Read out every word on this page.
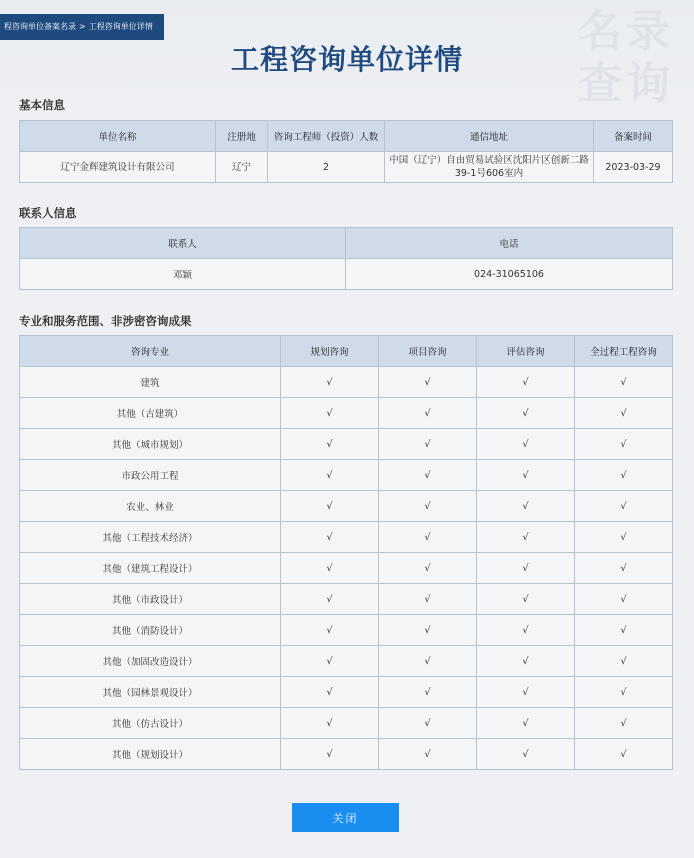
名录查询
程咨询单位备案名录 > 工程咨询单位详情
工程咨询单位详情
基本信息
单位名称	注册地	咨询工程师（投资）人数	通信地址	备案时间
辽宁金辉建筑设计有限公司	辽宁	2	中国（辽宁）自由贸易试验区沈阳片区创新二路39-1号606室内	2023-03-29
联系人信息
联系人	电话
邓颖	024-31065106
专业和服务范围、非涉密咨询成果
咨询专业	规划咨询	项目咨询	评估咨询	全过程工程咨询
建筑	√	√	√	√
其他（古建筑）	√	√	√	√
其他（城市规划）	√	√	√	√
市政公用工程	√	√	√	√
农业、林业	√	√	√	√
其他（工程技术经济）	√	√	√	√
其他（建筑工程设计）	√	√	√	√
其他（市政设计）	√	√	√	√
其他（消防设计）	√	√	√	√
其他（加固改造设计）	√	√	√	√
其他（园林景观设计）	√	√	√	√
其他（仿古设计）	√	√	√	√
其他（规划设计）	√	√	√	√
关闭
